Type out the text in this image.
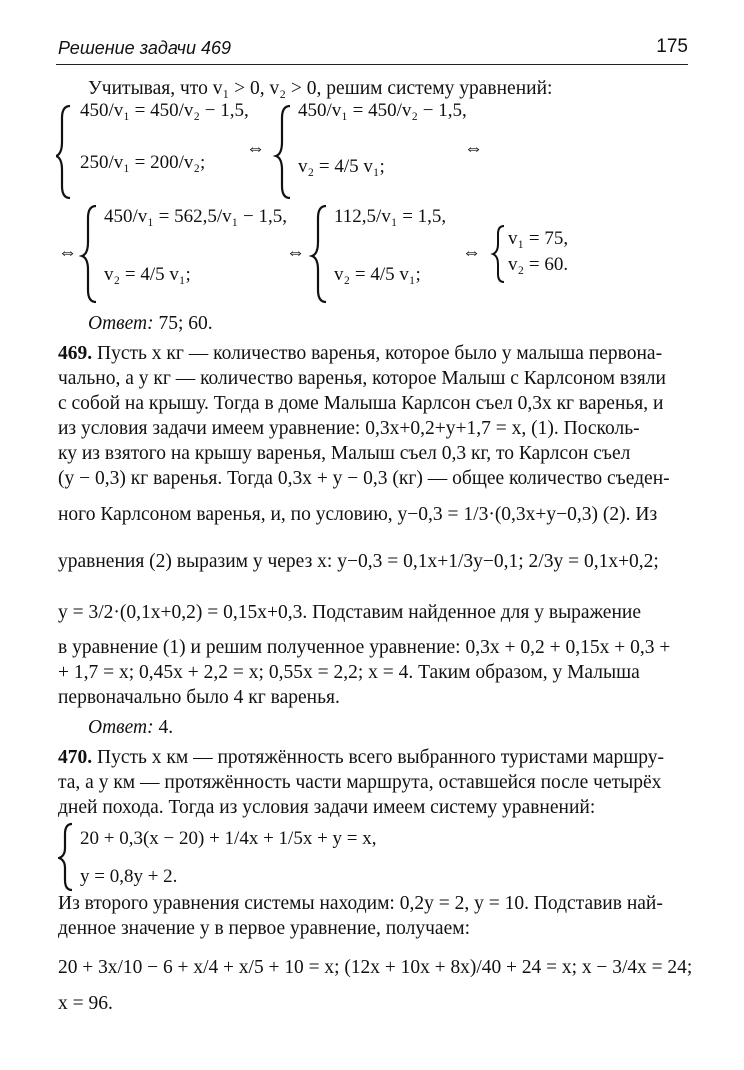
Решение задачи 469	175
Учитывая, что v₁ > 0, v₂ > 0, решим систему уравнений:
450/v₁ = 450/v₂ − 1,5,
250/v₁ = 200/v₂;
⇔
450/v₁ = 450/v₂ − 1,5,
v₂ = 4/5 v₁;
⇔
⇔
450/v₁ = 562,5/v₁ − 1,5,
v₂ = 4/5 v₁;
⇔
112,5/v₁ = 1,5,
v₂ = 4/5 v₁;
⇔
v₁ = 75,
v₂ = 60.
Ответ: 75; 60.
469. Пусть x кг — количество варенья, которое было у малыша первона-
чально, а y кг — количество варенья, которое Малыш с Карлсоном взяли
с собой на крышу. Тогда в доме Малыша Карлсон съел 0,3x кг варенья, и
из условия задачи имеем уравнение: 0,3x+0,2+y+1,7 = x, (1). Посколь-
ку из взятого на крышу варенья, Малыш съел 0,3 кг, то Карлсон съел
(y − 0,3) кг варенья. Тогда 0,3x + y − 0,3 (кг) — общее количество съеден-
ного Карлсоном варенья, и, по условию, y−0,3 = 1/3·(0,3x+y−0,3) (2). Из
уравнения (2) выразим y через x: y−0,3 = 0,1x+1/3y−0,1; 2/3y = 0,1x+0,2;
y = 3/2·(0,1x+0,2) = 0,15x+0,3. Подставим найденное для y выражение
в уравнение (1) и решим полученное уравнение: 0,3x + 0,2 + 0,15x + 0,3 +
+ 1,7 = x; 0,45x + 2,2 = x; 0,55x = 2,2; x = 4. Таким образом, у Малыша
первоначально было 4 кг варенья.
Ответ: 4.
470. Пусть x км — протяжённость всего выбранного туристами маршру-
та, а y км — протяжённость части маршрута, оставшейся после четырёх
дней похода. Тогда из условия задачи имеем систему уравнений:
20 + 0,3(x − 20) + 1/4x + 1/5x + y = x,
y = 0,8y + 2.
Из второго уравнения системы находим: 0,2y = 2, y = 10. Подставив най-
денное значение y в первое уравнение, получаем:
20 + 3x/10 − 6 + x/4 + x/5 + 10 = x; (12x + 10x + 8x)/40 + 24 = x; x − 3/4x = 24;
x = 96.
